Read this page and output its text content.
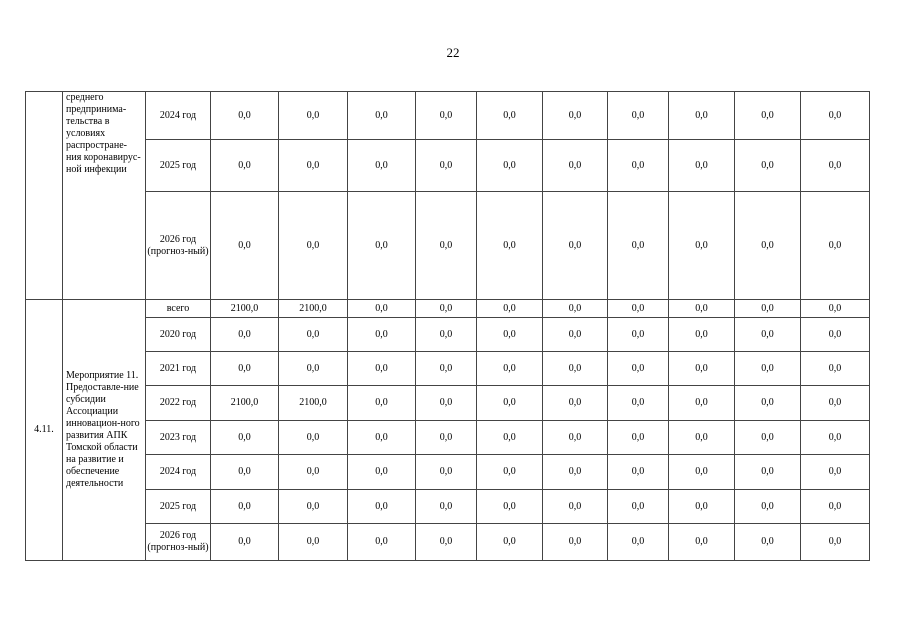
22
	среднего предпринима-тельства в условиях распростране-ния коронавирус-ной инфекции	2024 год	0,0	0,0	0,0	0,0	0,0	0,0	0,0	0,0	0,0	0,0
		2025 год	0,0	0,0	0,0	0,0	0,0	0,0	0,0	0,0	0,0	0,0
		2026 год (прогноз-ный)	0,0	0,0	0,0	0,0	0,0	0,0	0,0	0,0	0,0	0,0
4.11.	Мероприятие 11. Предоставле-ние субсидии Ассоциации инновацион-ного развития АПК Томской области на развитие и обеспечение деятельности	всего	2100,0	2100,0	0,0	0,0	0,0	0,0	0,0	0,0	0,0	0,0
		2020 год	0,0	0,0	0,0	0,0	0,0	0,0	0,0	0,0	0,0	0,0
		2021 год	0,0	0,0	0,0	0,0	0,0	0,0	0,0	0,0	0,0	0,0
		2022 год	2100,0	2100,0	0,0	0,0	0,0	0,0	0,0	0,0	0,0	0,0
		2023 год	0,0	0,0	0,0	0,0	0,0	0,0	0,0	0,0	0,0	0,0
		2024 год	0,0	0,0	0,0	0,0	0,0	0,0	0,0	0,0	0,0	0,0
		2025 год	0,0	0,0	0,0	0,0	0,0	0,0	0,0	0,0	0,0	0,0
		2026 год (прогноз-ный)	0,0	0,0	0,0	0,0	0,0	0,0	0,0	0,0	0,0	0,0
